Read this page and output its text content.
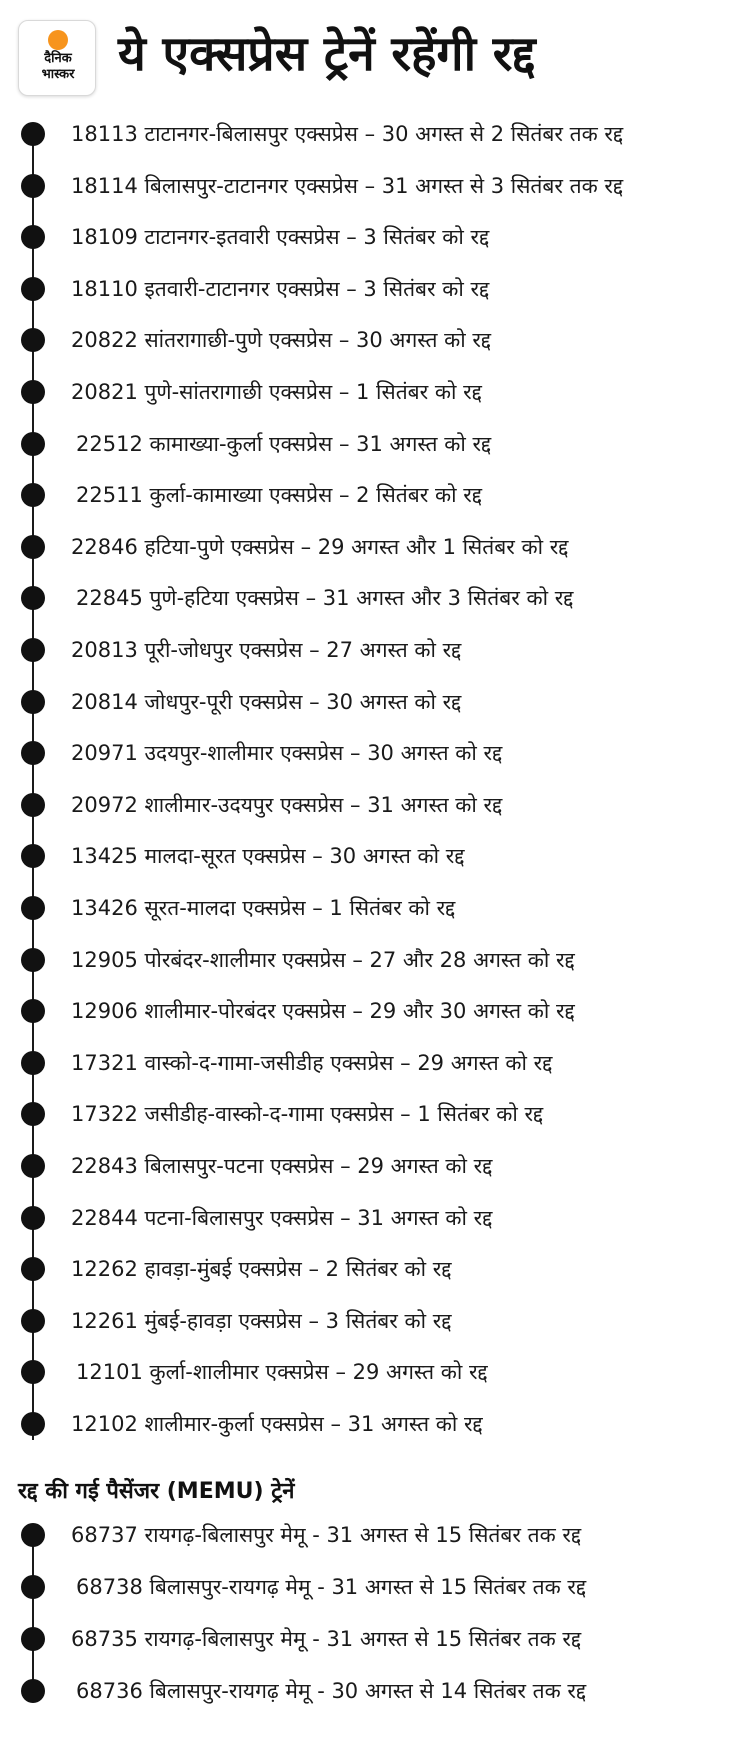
दैनिक
भास्कर ये एक्सप्रेस ट्रेनें रहेंगी रद्द
18113 टाटानगर-बिलासपुर एक्सप्रेस – 30 अगस्त से 2 सितंबर तक रद्द
18114 बिलासपुर-टाटानगर एक्सप्रेस – 31 अगस्त से 3 सितंबर तक रद्द
18109 टाटानगर-इतवारी एक्सप्रेस – 3 सितंबर को रद्द
18110 इतवारी-टाटानगर एक्सप्रेस – 3 सितंबर को रद्द
20822 सांतरागाछी-पुणे एक्सप्रेस – 30 अगस्त को रद्द
20821 पुणे-सांतरागाछी एक्सप्रेस – 1 सितंबर को रद्द
22512 कामाख्या-कुर्ला एक्सप्रेस – 31 अगस्त को रद्द
22511 कुर्ला-कामाख्या एक्सप्रेस – 2 सितंबर को रद्द
22846 हटिया-पुणे एक्सप्रेस – 29 अगस्त और 1 सितंबर को रद्द
22845 पुणे-हटिया एक्सप्रेस – 31 अगस्त और 3 सितंबर को रद्द
20813 पूरी-जोधपुर एक्सप्रेस – 27 अगस्त को रद्द
20814 जोधपुर-पूरी एक्सप्रेस – 30 अगस्त को रद्द
20971 उदयपुर-शालीमार एक्सप्रेस – 30 अगस्त को रद्द
20972 शालीमार-उदयपुर एक्सप्रेस – 31 अगस्त को रद्द
13425 मालदा-सूरत एक्सप्रेस – 30 अगस्त को रद्द
13426 सूरत-मालदा एक्सप्रेस – 1 सितंबर को रद्द
12905 पोरबंदर-शालीमार एक्सप्रेस – 27 और 28 अगस्त को रद्द
12906 शालीमार-पोरबंदर एक्सप्रेस – 29 और 30 अगस्त को रद्द
17321 वास्को-द-गामा-जसीडीह एक्सप्रेस – 29 अगस्त को रद्द
17322 जसीडीह-वास्को-द-गामा एक्सप्रेस – 1 सितंबर को रद्द
22843 बिलासपुर-पटना एक्सप्रेस – 29 अगस्त को रद्द
22844 पटना-बिलासपुर एक्सप्रेस – 31 अगस्त को रद्द
12262 हावड़ा-मुंबई एक्सप्रेस – 2 सितंबर को रद्द
12261 मुंबई-हावड़ा एक्सप्रेस – 3 सितंबर को रद्द
12101 कुर्ला-शालीमार एक्सप्रेस – 29 अगस्त को रद्द
12102 शालीमार-कुर्ला एक्सप्रेस – 31 अगस्त को रद्द
रद्द की गई पैसेंजर (MEMU) ट्रेनें
68737 रायगढ़-बिलासपुर मेमू - 31 अगस्त से 15 सितंबर तक रद्द
68738 बिलासपुर-रायगढ़ मेमू - 31 अगस्त से 15 सितंबर तक रद्द
68735 रायगढ़-बिलासपुर मेमू - 31 अगस्त से 15 सितंबर तक रद्द
68736 बिलासपुर-रायगढ़ मेमू - 30 अगस्त से 14 सितंबर तक रद्द
